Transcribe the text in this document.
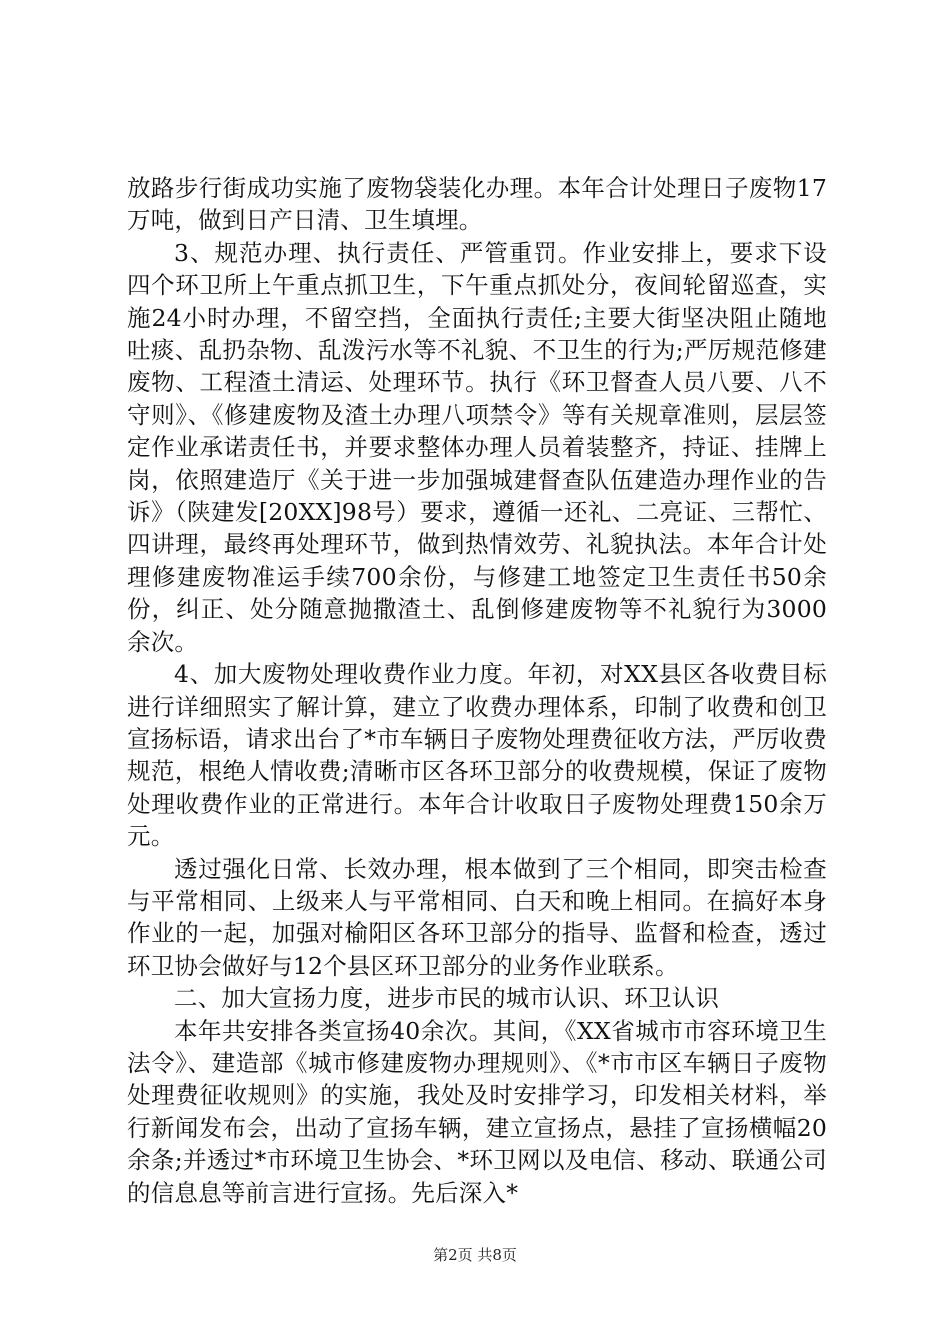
放路步行街成功实施了废物袋装化办理。本年合计处理日子废物17万吨，做到日产日清、卫生填埋。

3、规范办理、执行责任、严管重罚。作业安排上，要求下设四个环卫所上午重点抓卫生，下午重点抓处分，夜间轮留巡查，实施24小时办理，不留空挡，全面执行责任;主要大街坚决阻止随地吐痰、乱扔杂物、乱泼污水等不礼貌、不卫生的行为;严厉规范修建废物、工程渣土清运、处理环节。执行《环卫督查人员八要、八不守则》、《修建废物及渣土办理八项禁令》等有关规章准则，层层签定作业承诺责任书，并要求整体办理人员着装整齐，持证、挂牌上岗，依照建造厅《关于进一步加强城建督查队伍建造办理作业的告诉》（陕建发[20XX]98号）要求，遵循一还礼、二亮证、三帮忙、四讲理，最终再处理环节，做到热情效劳、礼貌执法。本年合计处理修建废物准运手续700余份，与修建工地签定卫生责任书50余份，纠正、处分随意抛撒渣土、乱倒修建废物等不礼貌行为3000余次。

4、加大废物处理收费作业力度。年初，对XX县区各收费目标进行详细照实了解计算，建立了收费办理体系，印制了收费和创卫宣扬标语，请求出台了*市车辆日子废物处理费征收方法，严厉收费规范，根绝人情收费;清晰市区各环卫部分的收费规模，保证了废物处理收费作业的正常进行。本年合计收取日子废物处理费150余万元。

透过强化日常、长效办理，根本做到了三个相同，即突击检查与平常相同、上级来人与平常相同、白天和晚上相同。在搞好本身作业的一起，加强对榆阳区各环卫部分的指导、监督和检查，透过环卫协会做好与12个县区环卫部分的业务作业联系。

二、加大宣扬力度，进步市民的城市认识、环卫认识

本年共安排各类宣扬40余次。其间，《XX省城市市容环境卫生法令》、建造部《城市修建废物办理规则》、《*市市区车辆日子废物处理费征收规则》的实施，我处及时安排学习，印发相关材料，举行新闻发布会，出动了宣扬车辆，建立宣扬点，悬挂了宣扬横幅20余条;并透过*市环境卫生协会、*环卫网以及电信、移动、联通公司的信息息等前言进行宣扬。先后深入*

第2页 共8页
